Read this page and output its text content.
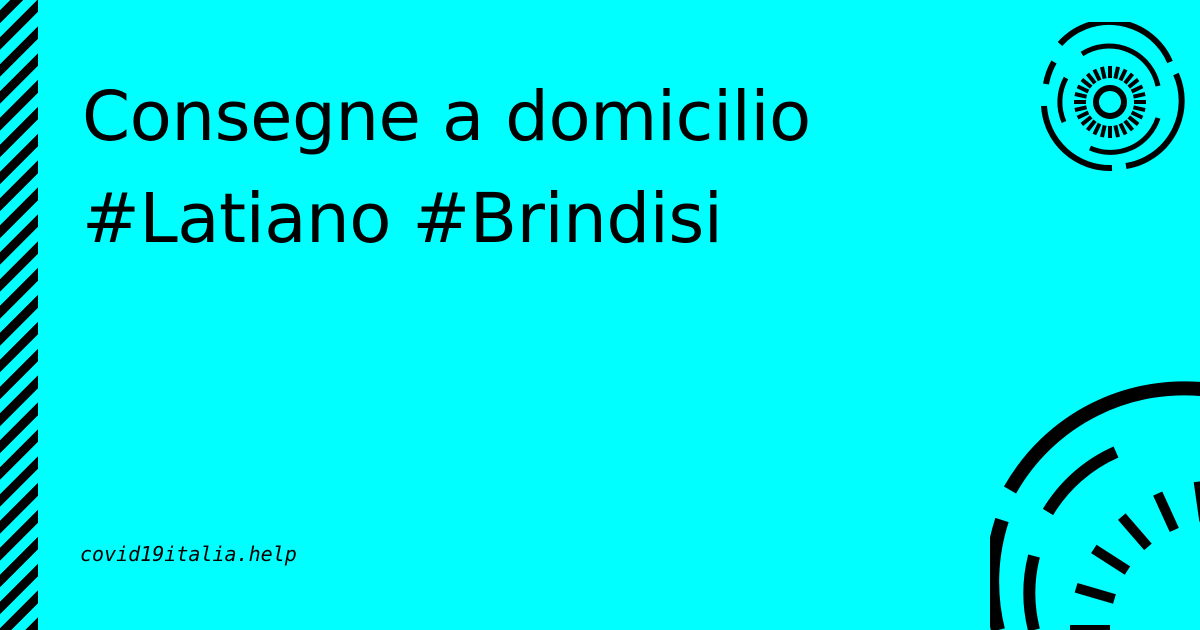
Consegne a domicilio
#Latiano #Brindisi
covid19italia.help
